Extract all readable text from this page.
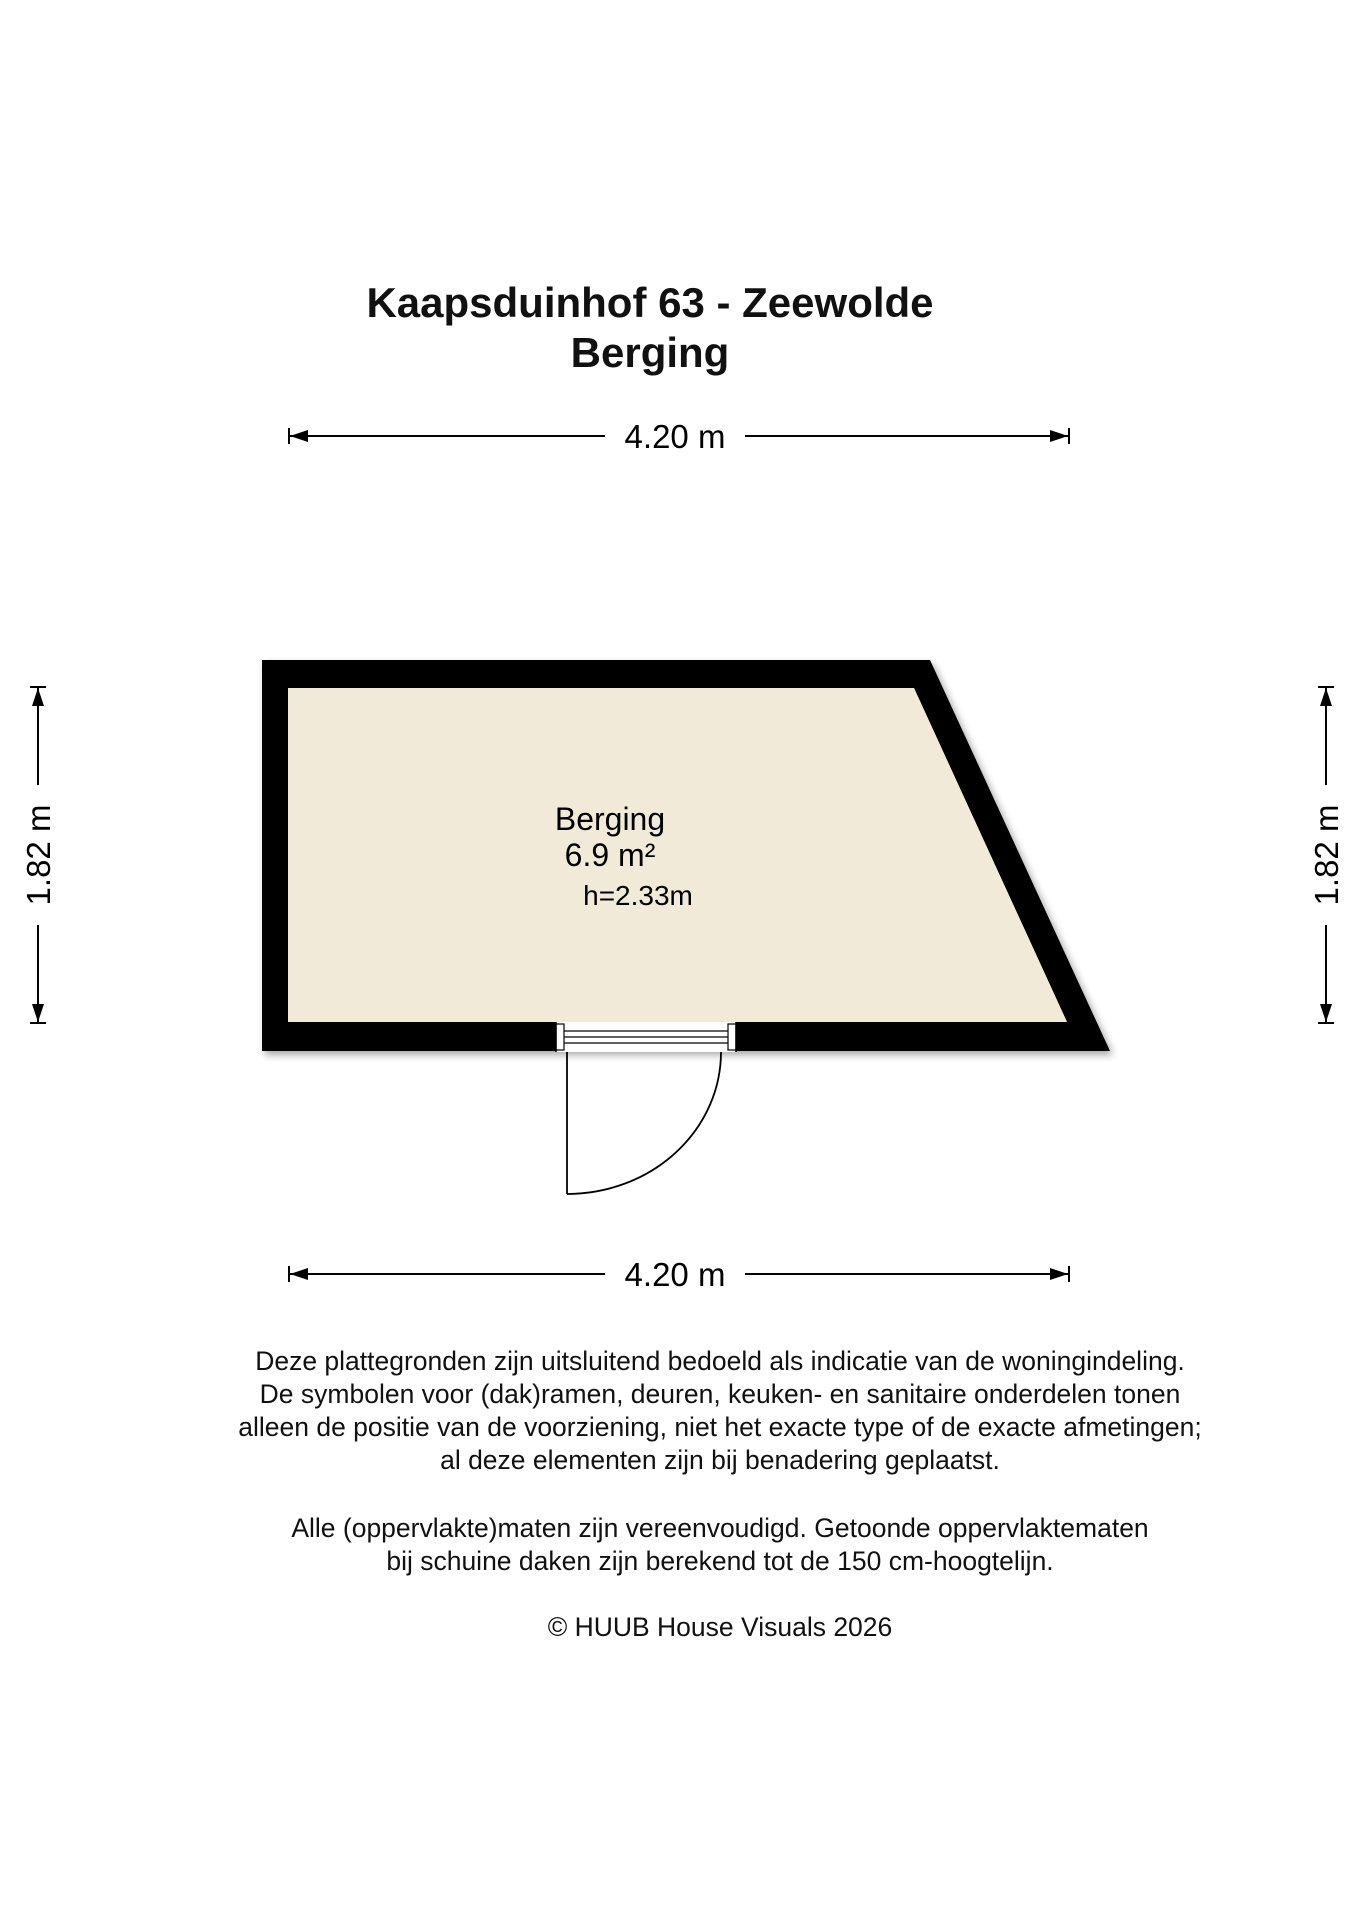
Kaapsduinhof 63 - Zeewolde
Berging
4.20 m
4.20 m
1.82 m	1.82 m
Berging
6.9 m²
h=2.33m

Deze plattegronden zijn uitsluitend bedoeld als indicatie van de woningindeling.

De symbolen voor (dak)ramen, deuren, keuken- en sanitaire onderdelen tonen

alleen de positie van de voorziening, niet het exacte type of de exacte afmetingen;

al deze elementen zijn bij benadering geplaatst.

Alle (oppervlakte)maten zijn vereenvoudigd. Getoonde oppervlaktematen

bij schuine daken zijn berekend tot de 150 cm-hoogtelijn.

© HUUB House Visuals 2026
